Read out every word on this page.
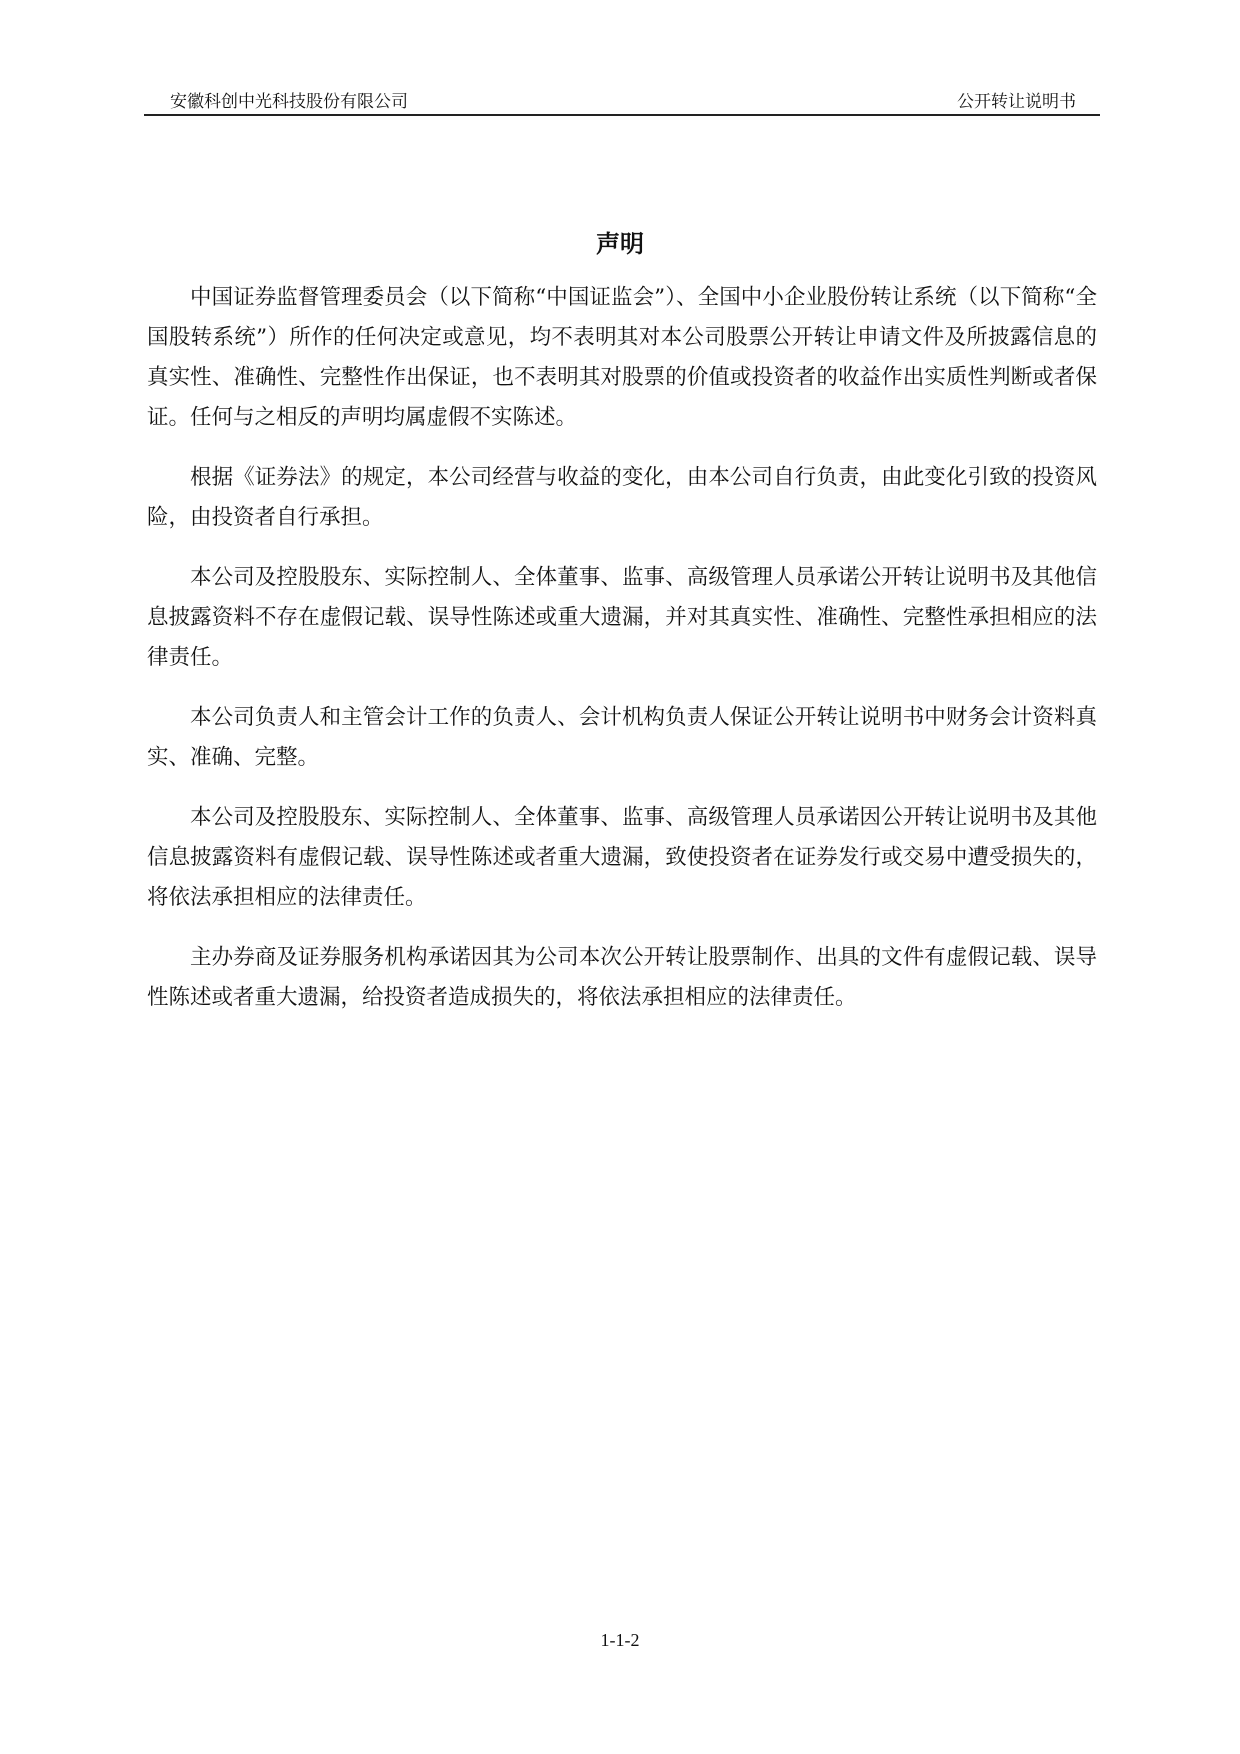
安徽科创中光科技股份有限公司	公开转让说明书
声明

中国证券监督管理委员会（以下简称“中国证监会”）、全国中小企业股份转让系统（以下简称“全国股转系统”）所作的任何决定或意见，均不表明其对本公司股票公开转让申请文件及所披露信息的真实性、准确性、完整性作出保证，也不表明其对股票的价值或投资者的收益作出实质性判断或者保证。任何与之相反的声明均属虚假不实陈述。

根据《证券法》的规定，本公司经营与收益的变化，由本公司自行负责，由此变化引致的投资风险，由投资者自行承担。

本公司及控股股东、实际控制人、全体董事、监事、高级管理人员承诺公开转让说明书及其他信息披露资料不存在虚假记载、误导性陈述或重大遗漏，并对其真实性、准确性、完整性承担相应的法律责任。

本公司负责人和主管会计工作的负责人、会计机构负责人保证公开转让说明书中财务会计资料真实、准确、完整。

本公司及控股股东、实际控制人、全体董事、监事、高级管理人员承诺因公开转让说明书及其他信息披露资料有虚假记载、误导性陈述或者重大遗漏，致使投资者在证券发行或交易中遭受损失的，将依法承担相应的法律责任。

主办券商及证券服务机构承诺因其为公司本次公开转让股票制作、出具的文件有虚假记载、误导性陈述或者重大遗漏，给投资者造成损失的，将依法承担相应的法律责任。

1-1-2
